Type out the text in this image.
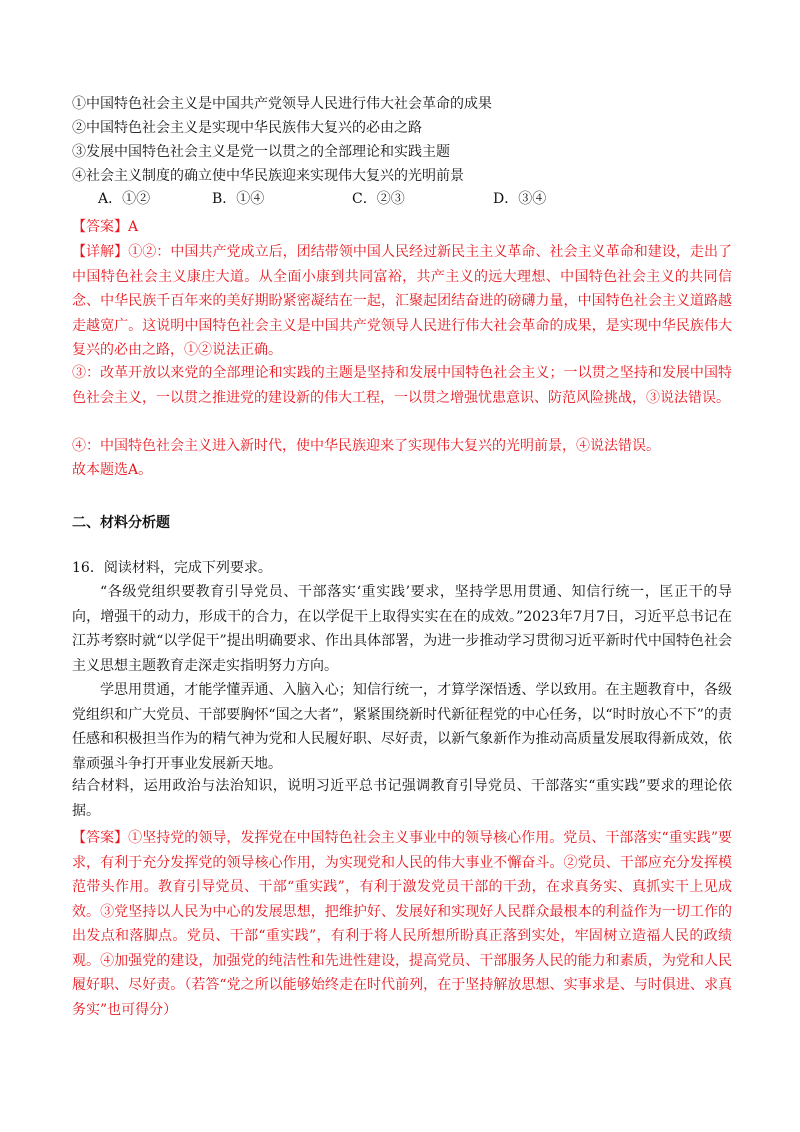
①中国特色社会主义是中国共产党领导人民进行伟大社会革命的成果
②中国特色社会主义是实现中华民族伟大复兴的必由之路
③发展中国特色社会主义是党一以贯之的全部理论和实践主题
④社会主义制度的确立使中华民族迎来实现伟大复兴的光明前景
A．①②	B．①④	C．②③	D．③④
【答案】A
【详解】①②：中国共产党成立后，团结带领中国人民经过新民主主义革命、社会主义革命和建设，走出了中国特色社会主义康庄大道。从全面小康到共同富裕，共产主义的远大理想、中国特色社会主义的共同信念、中华民族千百年来的美好期盼紧密凝结在一起，汇聚起团结奋进的磅礴力量，中国特色社会主义道路越走越宽广。这说明中国特色社会主义是中国共产党领导人民进行伟大社会革命的成果，是实现中华民族伟大复兴的必由之路，①②说法正确。
③：改革开放以来党的全部理论和实践的主题是坚持和发展中国特色社会主义；一以贯之坚持和发展中国特色社会主义，一以贯之推进党的建设新的伟大工程，一以贯之增强忧患意识、防范风险挑战，③说法错误。
④：中国特色社会主义进入新时代，使中华民族迎来了实现伟大复兴的光明前景，④说法错误。
故本题选A。
二、材料分析题
16．阅读材料，完成下列要求。
“各级党组织要教育引导党员、干部落实‘重实践’要求，坚持学思用贯通、知信行统一，匡正干的导向，增强干的动力，形成干的合力，在以学促干上取得实实在在的成效。”2023年7月7日，习近平总书记在江苏考察时就“以学促干”提出明确要求、作出具体部署，为进一步推动学习贯彻习近平新时代中国特色社会主义思想主题教育走深走实指明努力方向。
学思用贯通，才能学懂弄通、入脑入心；知信行统一，才算学深悟透、学以致用。在主题教育中，各级党组织和广大党员、干部要胸怀“国之大者”，紧紧围绕新时代新征程党的中心任务，以“时时放心不下”的责任感和积极担当作为的精气神为党和人民履好职、尽好责，以新气象新作为推动高质量发展取得新成效，依靠顽强斗争打开事业发展新天地。
结合材料，运用政治与法治知识，说明习近平总书记强调教育引导党员、干部落实“重实践”要求的理论依据。
【答案】①坚持党的领导，发挥党在中国特色社会主义事业中的领导核心作用。党员、干部落实“重实践”要求，有利于充分发挥党的领导核心作用，为实现党和人民的伟大事业不懈奋斗。②党员、干部应充分发挥模范带头作用。教育引导党员、干部“重实践”，有利于激发党员干部的干劲，在求真务实、真抓实干上见成效。③党坚持以人民为中心的发展思想，把维护好、发展好和实现好人民群众最根本的利益作为一切工作的出发点和落脚点。党员、干部“重实践”，有利于将人民所想所盼真正落到实处，牢固树立造福人民的政绩观。④加强党的建设，加强党的纯洁性和先进性建设，提高党员、干部服务人民的能力和素质，为党和人民履好职、尽好责。（若答“党之所以能够始终走在时代前列，在于坚持解放思想、实事求是、与时俱进、求真务实”也可得分）
